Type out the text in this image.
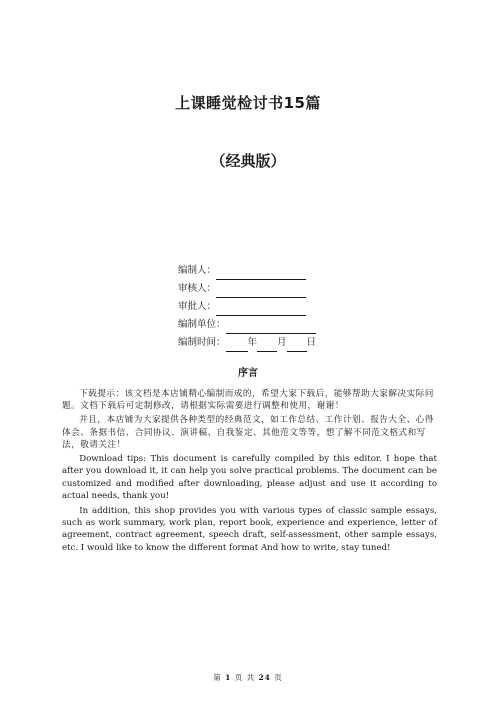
上课睡觉检讨书15篇
（经典版）
编制人：
审核人：
审批人：
编制单位：
编制时间： 年 月 日
序言

下载提示：该文档是本店铺精心编制而成的，希望大家下载后，能够帮助大家解决实际问题。文档下载后可定制修改，请根据实际需要进行调整和使用，谢谢！

并且，本店铺为大家提供各种类型的经典范文，如工作总结、工作计划、报告大全、心得体会、条据书信、合同协议、演讲稿、自我鉴定、其他范文等等，想了解不同范文格式和写法，敬请关注！

Download tips: This document is carefully compiled by this editor. I hope that after you download it, it can help you solve practical problems. The document can be customized and modified after downloading, please adjust and use it according to actual needs, thank you!

In addition, this shop provides you with various types of classic sample essays, such as work summary, work plan, report book, experience and experience, letter of agreement, contract agreement, speech draft, self-assessment, other sample essays, etc. I would like to know the different format And how to write, stay tuned!

第 1 页 共 24 页
